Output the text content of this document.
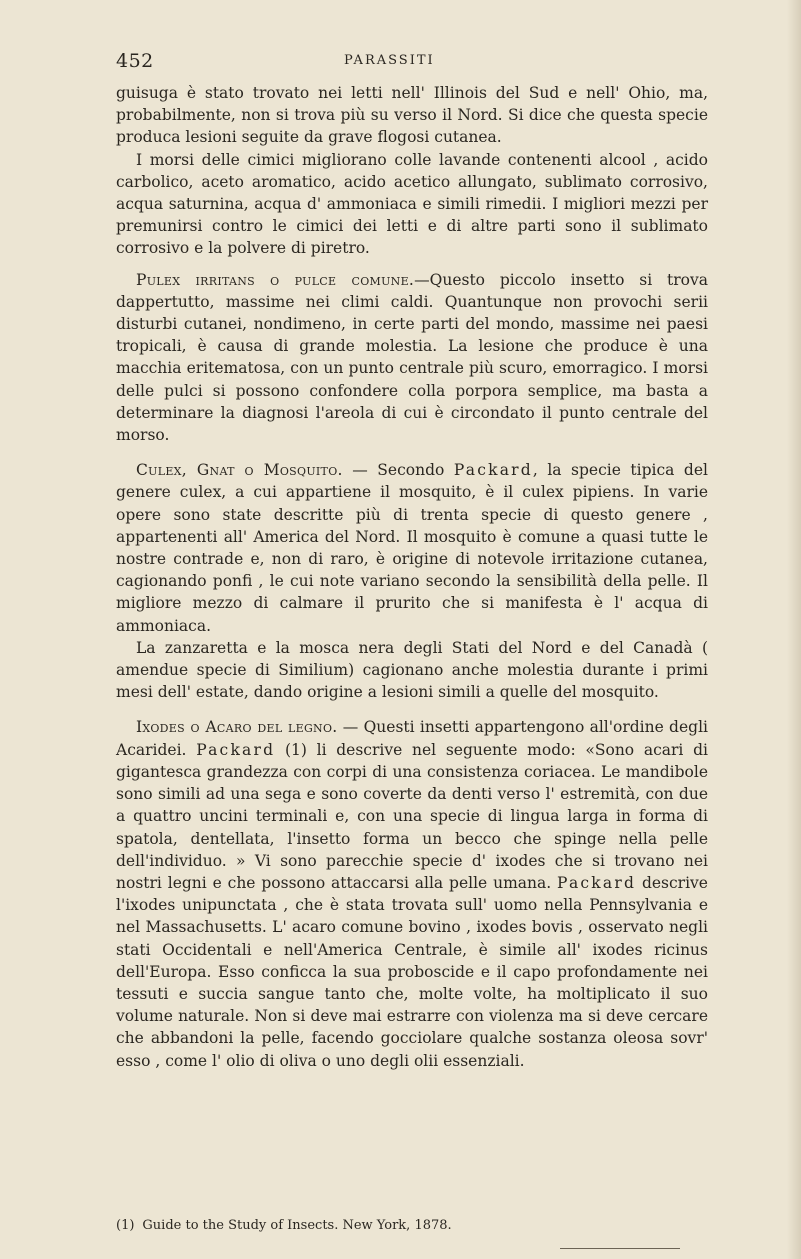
452	PARASSITI

guisuga è stato trovato nei letti nell' Illinois del Sud e nell' Ohio, ma, probabilmente, non si trova più su verso il Nord. Si dice che questa specie produca lesioni seguite da grave flogosi cutanea.

I morsi delle cimici migliorano colle lavande contenenti alcool , acido carbolico, aceto aromatico, acido acetico allungato, sublimato corrosivo, acqua saturnina, acqua d' ammoniaca e simili rimedii. I migliori mezzi per premunirsi contro le cimici dei letti e di altre parti sono il sublimato corrosivo e la polvere di piretro.

Pulex irritans o pulce comune.—Questo piccolo insetto si trova dappertutto, massime nei climi caldi. Quantunque non provochi serii disturbi cutanei, nondimeno, in certe parti del mondo, massime nei paesi tropicali, è causa di grande molestia. La lesione che produce è una macchia eritematosa, con un punto centrale più scuro, emorragico. I morsi delle pulci si possono confondere colla porpora semplice, ma basta a determinare la diagnosi l'areola di cui è circondato il punto centrale del morso.

Culex, Gnat o Mosquito. — Secondo Packard, la specie tipica del genere culex, a cui appartiene il mosquito, è il culex pipiens. In varie opere sono state descritte più di trenta specie di questo genere , appartenenti all' America del Nord. Il mosquito è comune a quasi tutte le nostre contrade e, non di raro, è origine di notevole irritazione cutanea, cagionando ponfi , le cui note variano secondo la sensibilità della pelle. Il migliore mezzo di calmare il prurito che si manifesta è l' acqua di ammoniaca.

La zanzaretta e la mosca nera degli Stati del Nord e del Canadà ( amendue specie di Similium) cagionano anche molestia durante i primi mesi dell' estate, dando origine a lesioni simili a quelle del mosquito.

Ixodes o Acaro del legno. — Questi insetti appartengono all'ordine degli Acaridei. Packard (1) li descrive nel seguente modo: «Sono acari di gigantesca grandezza con corpi di una consistenza coriacea. Le mandibole sono simili ad una sega e sono coverte da denti verso l' estremità, con due a quattro uncini terminali e, con una specie di lingua larga in forma di spatola, dentellata, l'insetto forma un becco che spinge nella pelle dell'individuo. » Vi sono parecchie specie d' ixodes che si trovano nei nostri legni e che possono attaccarsi alla pelle umana. Packard descrive l'ixodes unipunctata , che è stata trovata sull' uomo nella Pennsylvania e nel Massachusetts. L' acaro comune bovino , ixodes bovis , osservato negli stati Occidentali e nell'America Centrale, è simile all' ixodes ricinus dell'Europa. Esso conficca la sua proboscide e il capo profondamente nei tessuti e succia sangue tanto che, molte volte, ha moltiplicato il suo volume naturale. Non si deve mai estrarre con violenza ma si deve cercare che abbandoni la pelle, facendo gocciolare qualche sostanza oleosa sovr' esso , come l' olio di oliva o uno degli olii essenziali.

(1) Guide to the Study of Insects. New York, 1878.
